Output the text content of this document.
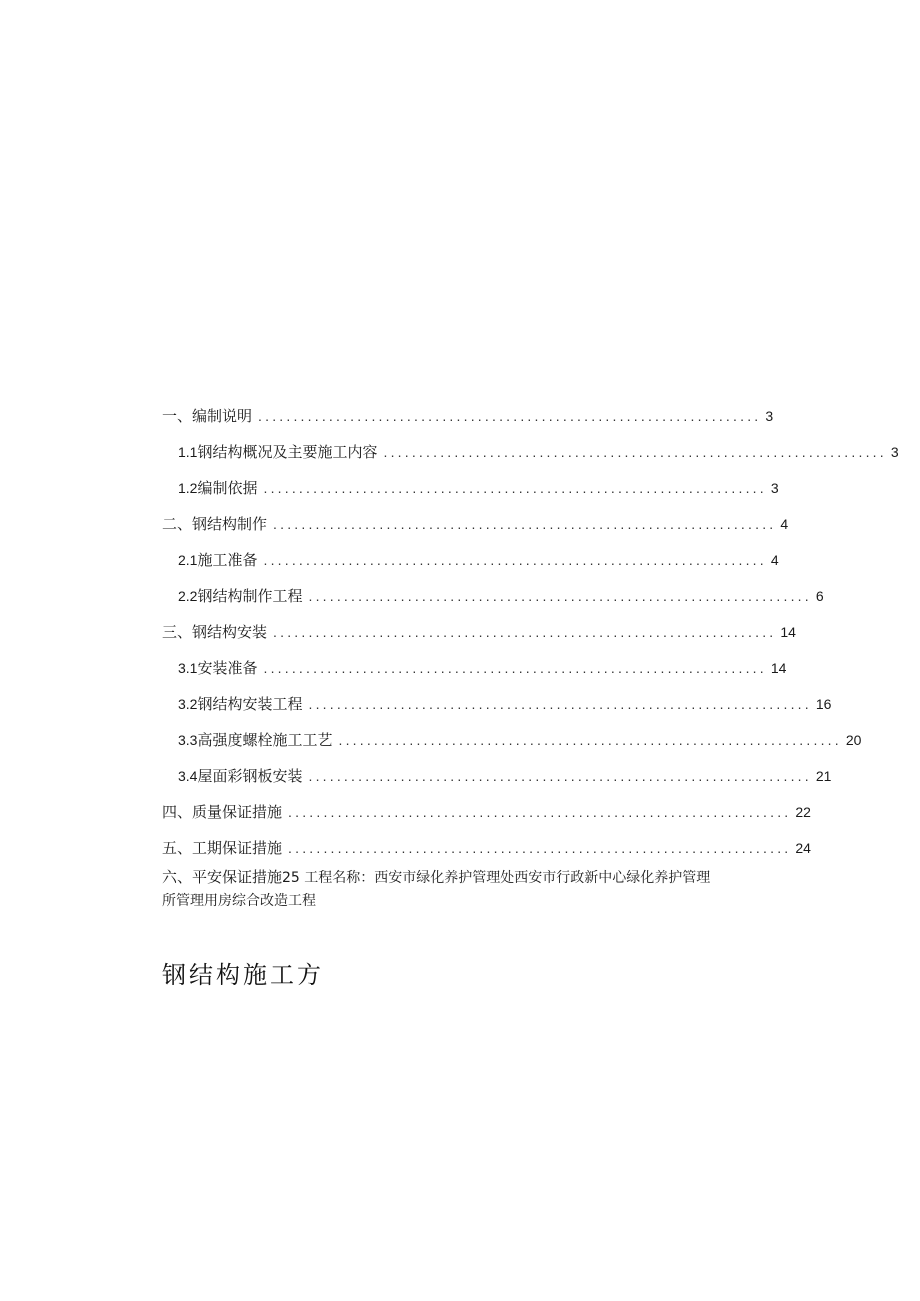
一、编制说明 ....................................................................... 3
1.1 钢结构概况及主要施工内容 ....................................................................... 3
1.2 编制依据 ....................................................................... 3
二、钢结构制作 ....................................................................... 4
2.1 施工准备 ....................................................................... 4
2.2 钢结构制作工程 ....................................................................... 6
三、钢结构安装 ....................................................................... 14
3.1 安装准备 ....................................................................... 14
3.2 钢结构安装工程 ....................................................................... 16
3.3 高强度螺栓施工工艺 ....................................................................... 20
3.4 屋面彩钢板安装 ....................................................................... 21
四、质量保证措施 ....................................................................... 22
五、工期保证措施 ....................................................................... 24
六、平安保证措施25 工程名称：西安市绿化养护管理处西安市行政新中心绿化养护管理所管理用房综合改造工程
钢结构施工方
